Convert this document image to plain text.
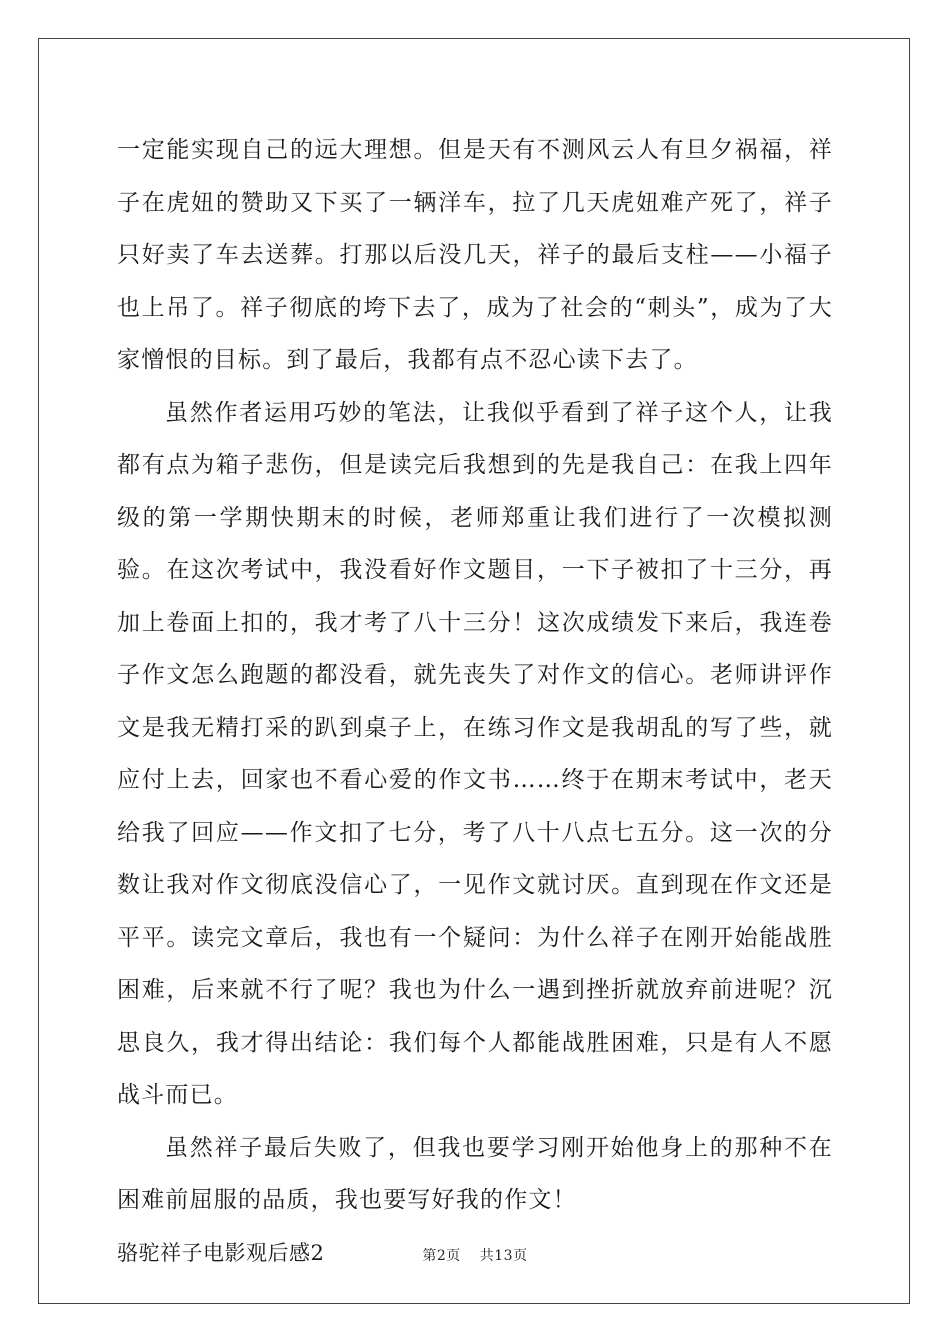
一定能实现自己的远大理想。但是天有不测风云人有旦夕祸福，祥子在虎妞的赞助又下买了一辆洋车，拉了几天虎妞难产死了，祥子只好卖了车去送葬。打那以后没几天，祥子的最后支柱——小福子也上吊了。祥子彻底的垮下去了，成为了社会的“刺头”，成为了大家憎恨的目标。到了最后，我都有点不忍心读下去了。

虽然作者运用巧妙的笔法，让我似乎看到了祥子这个人，让我都有点为箱子悲伤，但是读完后我想到的先是我自己：在我上四年级的第一学期快期末的时候，老师郑重让我们进行了一次模拟测验。在这次考试中，我没看好作文题目，一下子被扣了十三分，再加上卷面上扣的，我才考了八十三分！这次成绩发下来后，我连卷子作文怎么跑题的都没看，就先丧失了对作文的信心。老师讲评作文是我无精打采的趴到桌子上，在练习作文是我胡乱的写了些，就应付上去，回家也不看心爱的作文书……终于在期末考试中，老天给我了回应——作文扣了七分，考了八十八点七五分。这一次的分数让我对作文彻底没信心了，一见作文就讨厌。直到现在作文还是平平。读完文章后，我也有一个疑问：为什么祥子在刚开始能战胜困难，后来就不行了呢？我也为什么一遇到挫折就放弃前进呢？沉思良久，我才得出结论：我们每个人都能战胜困难，只是有人不愿战斗而已。

虽然祥子最后失败了，但我也要学习刚开始他身上的那种不在困难前屈服的品质，我也要写好我的作文！

骆驼祥子电影观后感2	第2页 共13页
